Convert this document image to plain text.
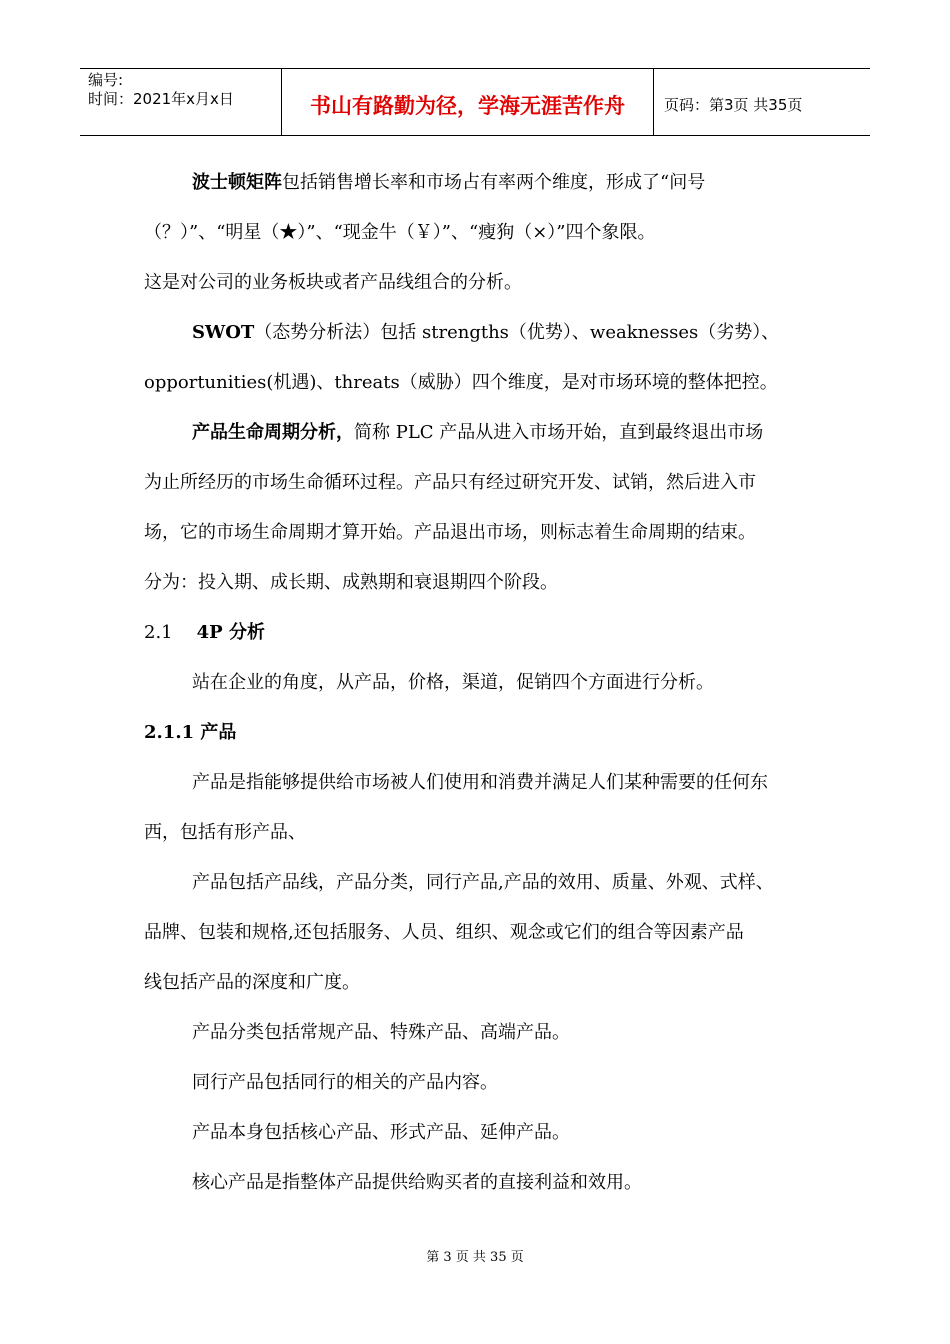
编号:
时间：2021年x月x日	书山有路勤为径，学海无涯苦作舟	页码：第3页 共35页

波士顿矩阵包括销售增长率和市场占有率两个维度，形成了“问号

（？）”、“明星（★）”、“现金牛（￥）”、“瘦狗（×）”四个象限。

这是对公司的业务板块或者产品线组合的分析。

SWOT（态势分析法）包括 strengths（优势）、weaknesses（劣势）、

opportunities(机遇)、threats（威胁）四个维度，是对市场环境的整体把控。

产品生命周期分析，简称 PLC 产品从进入市场开始，直到最终退出市场

为止所经历的市场生命循环过程。产品只有经过研究开发、试销，然后进入市

场，它的市场生命周期才算开始。产品退出市场，则标志着生命周期的结束。

分为：投入期、成长期、成熟期和衰退期四个阶段。

2.1 4P 分析

站在企业的角度，从产品，价格，渠道，促销四个方面进行分析。

2.1.1 产品

产品是指能够提供给市场被人们使用和消费并满足人们某种需要的任何东

西，包括有形产品、

产品包括产品线，产品分类，同行产品,产品的效用、质量、外观、式样、

品牌、包装和规格,还包括服务、人员、组织、观念或它们的组合等因素产品

线包括产品的深度和广度。

产品分类包括常规产品、特殊产品、高端产品。

同行产品包括同行的相关的产品内容。

产品本身包括核心产品、形式产品、延伸产品。

核心产品是指整体产品提供给购买者的直接利益和效用。

第 3 页 共 35 页
